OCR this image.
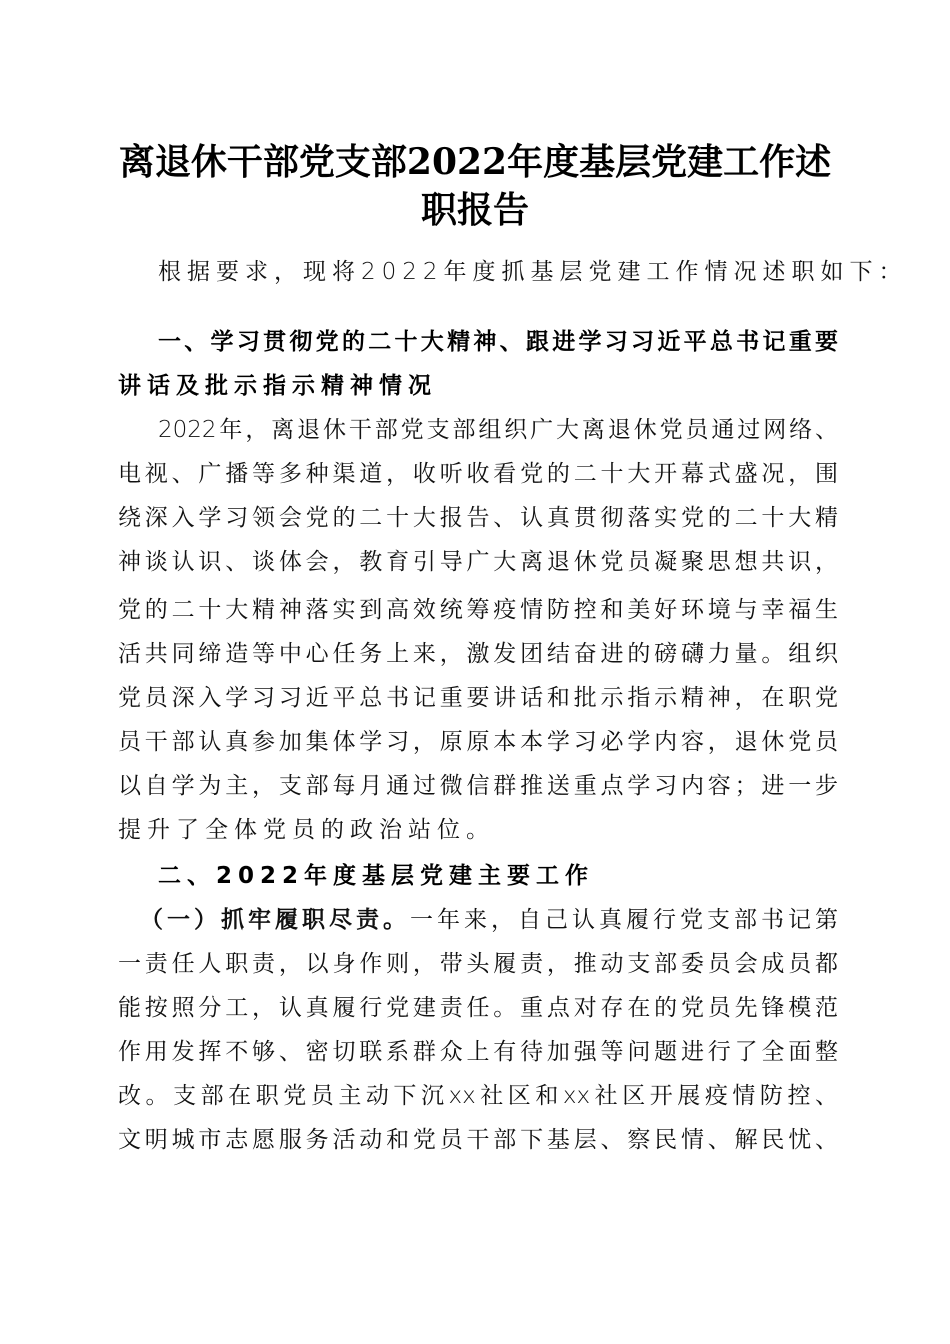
离退休干部党支部2022年度基层党建工作述
职报告
根据要求，现将2022年度抓基层党建工作情况述职如下：
一、学习贯彻党的二十大精神、跟进学习习近平总书记重要
讲话及批示指示精神情况
2022年，离退休干部党支部组织广大离退休党员通过网络、
电视、广播等多种渠道，收听收看党的二十大开幕式盛况，围
绕深入学习领会党的二十大报告、认真贯彻落实党的二十大精
神谈认识、谈体会，教育引导广大离退休党员凝聚思想共识，
党的二十大精神落实到高效统筹疫情防控和美好环境与幸福生
活共同缔造等中心任务上来，激发团结奋进的磅礴力量。组织
党员深入学习习近平总书记重要讲话和批示指示精神，在职党
员干部认真参加集体学习，原原本本学习必学内容，退休党员
以自学为主，支部每月通过微信群推送重点学习内容；进一步
提升了全体党员的政治站位。
二、2022年度基层党建主要工作
（一）抓牢履职尽责。一年来，自己认真履行党支部书记第
一责任人职责，以身作则，带头履责，推动支部委员会成员都
能按照分工，认真履行党建责任。重点对存在的党员先锋模范
作用发挥不够、密切联系群众上有待加强等问题进行了全面整
改。支部在职党员主动下沉xx社区和xx社区开展疫情防控、
文明城市志愿服务活动和党员干部下基层、察民情、解民忧、
